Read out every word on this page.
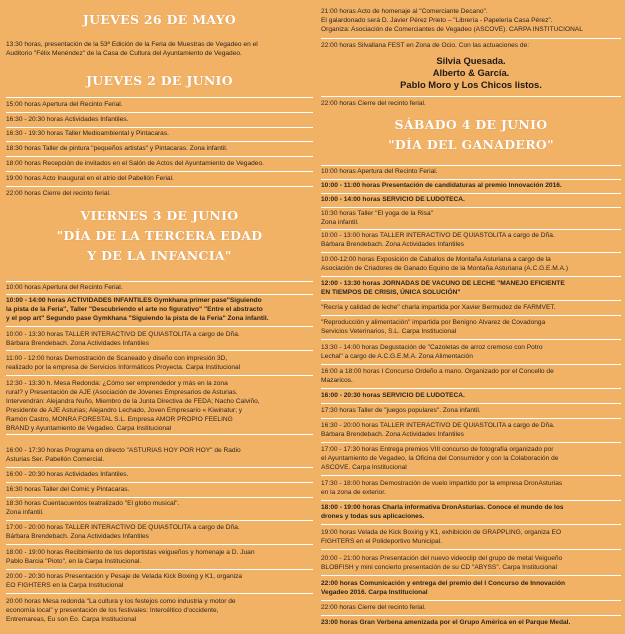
JUEVES 26 DE MAYO
13:30 horas, presentación de la 53ª Edición de la Feria de Muestras de Vegadeo en el
Auditorio "Félix Menéndez" de la Casa de Cultura del Ayuntamiento de Vegadeo.
JUEVES 2 DE JUNIO
15:00 horas Apertura del Recinto Ferial.
16:30 - 20:30 horas Actividades Infantiles.
16:30 - 19:30 horas Taller Medioambiental y Pintacaras.
18:30 horas Taller de pintura "pequeños artistas" y Pintacaras. Zona infantil.
18:00 horas Recepción de invitados en el Salón de Actos del Ayuntamiento de Vegadeo.
19:00 horas Acto Inaugural en el atrio del Pabellón Ferial.
22:00 horas Cierre del recinto ferial.
VIERNES 3 DE JUNIO
"DÍA DE LA TERCERA EDAD
Y DE LA INFANCIA"
10:00 horas Apertura del Recinto Ferial.
10:00 - 14:00 horas ACTIVIDADES INFANTILES Gymkhana primer pase"Siguiendo
la pista de la Feria", Taller "Descubriendo el arte no figurativo" "Entre el abstracto
y el pop art" Segundo pase Gymkhana "Siguiendo la pista de la Feria" Zona infantil.
10:00 - 13:30 horas TALLER INTERACTIVO DE QUIASTOLITA a cargo de Dña.
Bárbara Brendebach. Zona Actividades Infantiles
11:00 - 12:00 horas Demostración de Scaneado y diseño con impresión 3D,
realizado por la empresa de Servicios Informáticos Proyecta. Carpa Institucional
12:30 - 13:30 h. Mesa Redonda: ¿Cómo ser emprendedor y más en la zona
rural? y Presentación de AJE (Asociación de Jóvenes Empresarios de Asturias.
Intervendrán: Alejandra Nuño, Miembro de la Junta Directiva de FEDA; Nacho Calviño,
Presidente de AJE Asturias; Alejandro Lechado, Joven Empresario « Kiwinatur; y
Ramón Castro, MONRA FORESTAL S.L. Empresa AMOR PROPIO FEELING
BRAND y Ayuntamiento de Vegadeo. Carpa Institucional
16:00 - 17:30 horas Programa en directo "ASTURIAS HOY POR HOY" de Radio
Asturias Ser. Pabellón Comercial.
16:00 - 20:30 horas Actividades Infantiles.
16:30 horas Taller del Comic y Pintacaras.
18:30 horas Cuentacuentos teatralizado "El globo musical".
Zona infantil.
17:00 - 20:00 horas TALLER INTERACTIVO DE QUIASTOLITA a cargo de Dña.
Bárbara Brendebach. Zona Actividades Infantiles
18:00 - 19:00 horas Recibimiento de los deportistas veigueños y homenaje a D. Juan
Pablo Barcia "Pioto", en la Carpa Institucional.
20:00 - 20:30 horas Presentación y Pesaje de Velada Kick Boxing y K1, organiza
EO FIGHTERS en la Carpa Institucional
20:00 horas Mesa redonda "La cultura y los festejos como industria y motor de
economía local" y presentación de los festivales: Intercéltico d'occidente,
Entremareas, Eu son Eo. Carpa Institucional
21:00 horas Acto de homenaje al "Comerciante Decano".
El galardonado será D. Javier Pérez Prieto – "Librería - Papelería Casa Pérez".
Organiza: Asociación de Comerciantes de Vegadeo (ASCOVE). CARPA INSTITUCIONAL
22:00 horas Silvallana FEST en Zona de Ocio. Con las actuaciones de:
Silvia Quesada.
Alberto & García.
Pablo Moro y Los Chicos listos.
22:00 horas Cierre del recinto ferial.
SÁBADO 4 DE JUNIO
"DÍA DEL GANADERO"
10:00 horas Apertura del Recinto Ferial.
10:00 - 11:00 horas Presentación de candidaturas al premio Innovación 2016.
10:00 - 14:00 horas SERVICIO DE LUDOTECA.
10:30 horas Taller "El yoga de la Risa"
Zona infantil.
10:00 - 13:00 horas TALLER INTERACTIVO DE QUIASTOLITA a cargo de Dña.
Bárbara Brendebach. Zona Actividades Infantiles
10:00-12:00 horas Exposición de Caballos de Montaña Asturiana a cargo de la
Asociación de Criadores de Ganado Equino de la Montaña Asturiana (A.C.G.E.M.A.)
12:00 - 13:30 horas JORNADAS DE VACUNO DE LECHE "MANEJO EFICIENTE
EN TIEMPOS DE CRISIS, ÚNICA SOLUCIÓN"
"Recría y calidad de leche" charla impartida por Xavier Bermudez de FARMVET.
"Reproducción y alimentación" impartida por Benigno Álvarez de Covadonga
Servicios Veterinarios, S.L. Carpa Institucional
13:30 - 14:00 horas Degustación de "Cazoletas de arroz cremoso con Potro
Lechal" a cargo de A.C.G.E.M.A. Zona Alimentación
16:00 a 18:00 horas I Concurso Ordeño a mano. Organizado por el Concello de
Mazaricos.
16:00 - 20:30 horas SERVICIO DE LUDOTECA.
17:30 horas Taller de "juegos populares". Zona infantil.
16:30 - 20:00 horas TALLER INTERACTIVO DE QUIASTOLITA a cargo de Dña.
Bárbara Brendebach. Zona Actividades Infantiles
17:00 - 17:30 horas Entrega premios VIII concurso de fotografía organizado por
el Ayuntamiento de Vegadeo, la Oficina del Consumidor y con la Colaboración de
ASCOVE. Carpa Institucional
17:30 - 18:00 horas Demostración de vuelo impartido por la empresa DronAsturias
en la zona de exterior.
18:00 - 19:00 horas Charla informativa DronAsturias. Conoce el mundo de los
drones y todas sus aplicaciones.
19:00 horas Velada de Kick Boxing y K1, exhibición de GRAPPLING, organiza EO
FIGHTERS en el Polideportivo Municipal.
20:00 - 21:00 horas Presentación del nuevo videoclip del grupo de metal Veigueño
BLOBFISH y mini concierto presentación de su CD "ABYSS". Carpa Institucional
22:00 horas Comunicación y entrega del premio del I Concurso de Innovación
Vegadeo 2016. Carpa Institucional
22:00 horas Cierre del recinto ferial.
23:00 horas Gran Verbena amenizada por el Grupo América en el Parque Medal.
